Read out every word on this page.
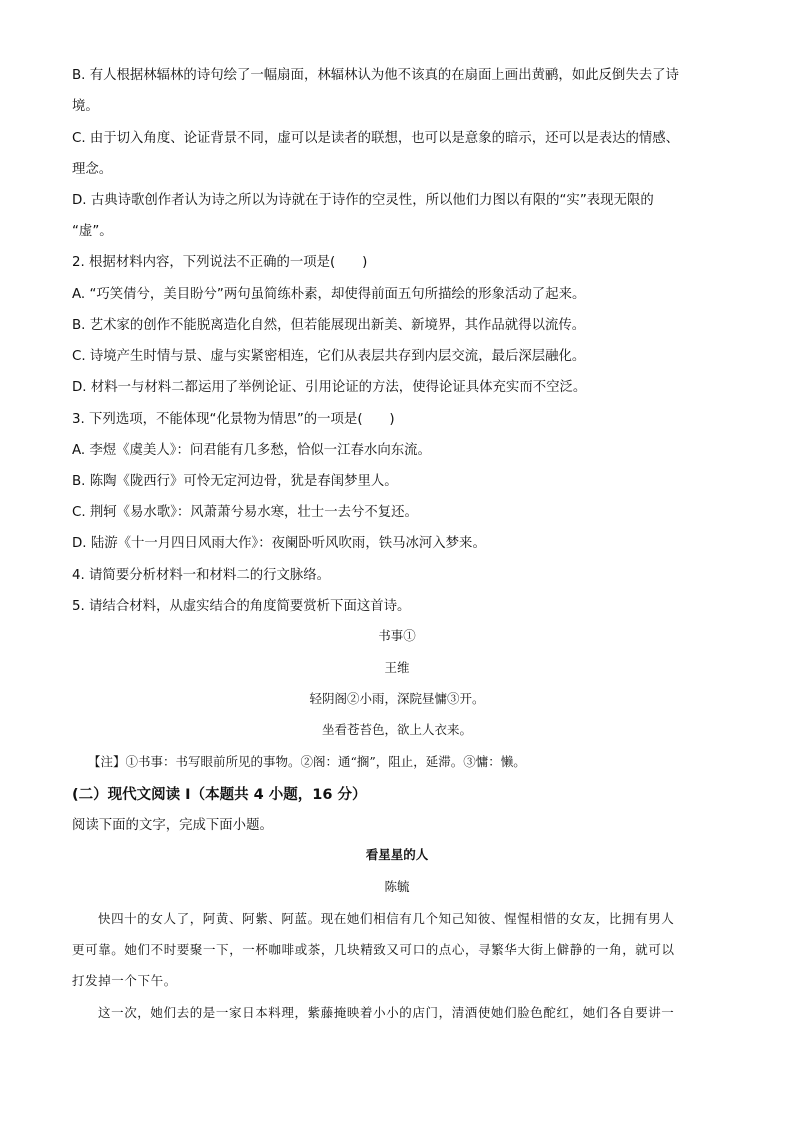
B. 有人根据林辐林的诗句绘了一幅扇面，林辐林认为他不该真的在扇面上画出黄鹂，如此反倒失去了诗
境。
C. 由于切入角度、论证背景不同，虚可以是读者的联想，也可以是意象的暗示，还可以是表达的情感、
理念。
D. 古典诗歌创作者认为诗之所以为诗就在于诗作的空灵性，所以他们力图以有限的“实”表现无限的
“虚”。
2. 根据材料内容，下列说法不正确的一项是(　　)
A. “巧笑倩兮，美目盼兮”两句虽简练朴素，却使得前面五句所描绘的形象活动了起来。
B. 艺术家的创作不能脱离造化自然，但若能展现出新美、新境界，其作品就得以流传。
C. 诗境产生时情与景、虚与实紧密相连，它们从表层共存到内层交流，最后深层融化。
D. 材料一与材料二都运用了举例论证、引用论证的方法，使得论证具体充实而不空泛。
3. 下列选项，不能体现“化景物为情思”的一项是(　　)
A. 李煜《虞美人》：问君能有几多愁，恰似一江春水向东流。
B. 陈陶《陇西行》可怜无定河边骨，犹是春闺梦里人。
C. 荆轲《易水歌》：风萧萧兮易水寒，壮士一去兮不复还。
D. 陆游《十一月四日风雨大作》：夜阑卧听风吹雨，铁马冰河入梦来。
4. 请简要分析材料一和材料二的行文脉络。
5. 请结合材料，从虚实结合的角度简要赏析下面这首诗。
书事①
王维
轻阴阁②小雨，深院昼慵③开。
坐看苍苔色，欲上人衣来。
【注】①书事：书写眼前所见的事物。②阁：通“搁”，阻止，延滞。③慵：懒。
(二）现代文阅读 I（本题共 4 小题，16 分）
阅读下面的文字，完成下面小题。
看星星的人
陈毓
快四十的女人了，阿黄、阿紫、阿蓝。现在她们相信有几个知己知彼、惺惺相惜的女友，比拥有男人
更可靠。她们不时要聚一下，一杯咖啡或茶，几块精致又可口的点心，寻繁华大街上僻静的一角，就可以
打发掉一个下午。
这一次，她们去的是一家日本料理，紫藤掩映着小小的店门，清酒使她们脸色酡红，她们各自要讲一
